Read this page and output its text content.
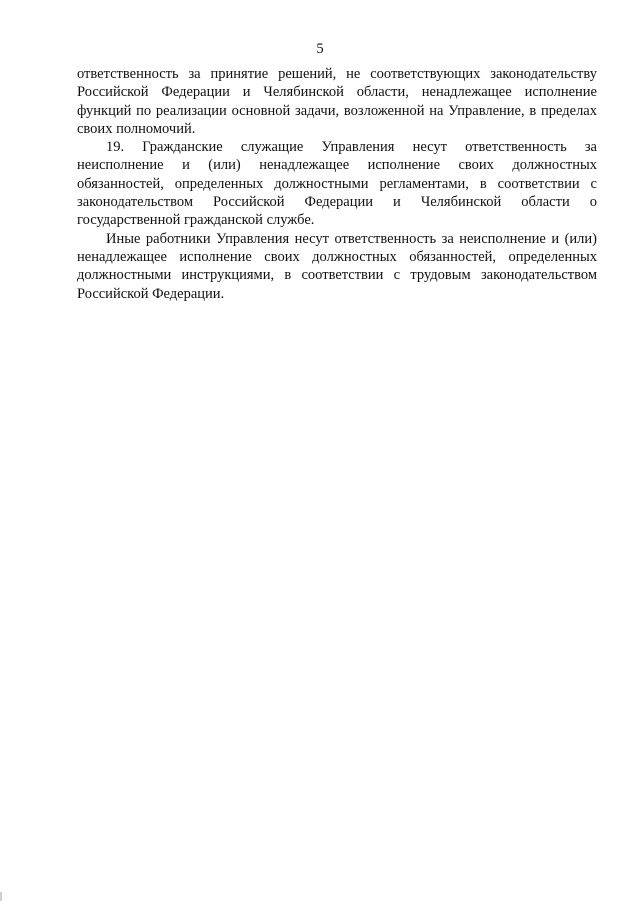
5

ответственность за принятие решений, не соответствующих законодательству Российской Федерации и Челябинской области, ненадлежащее исполнение функций по реализации основной задачи, возложенной на Управление, в пределах своих полномочий.

19. Гражданские служащие Управления несут ответственность за неисполнение и (или) ненадлежащее исполнение своих должностных обязанностей, определенных должностными регламентами, в соответствии с законодательством Российской Федерации и Челябинской области о государственной гражданской службе.

Иные работники Управления несут ответственность за неисполнение и (или) ненадлежащее исполнение своих должностных обязанностей, определенных должностными инструкциями, в соответствии с трудовым законодательством Российской Федерации.
